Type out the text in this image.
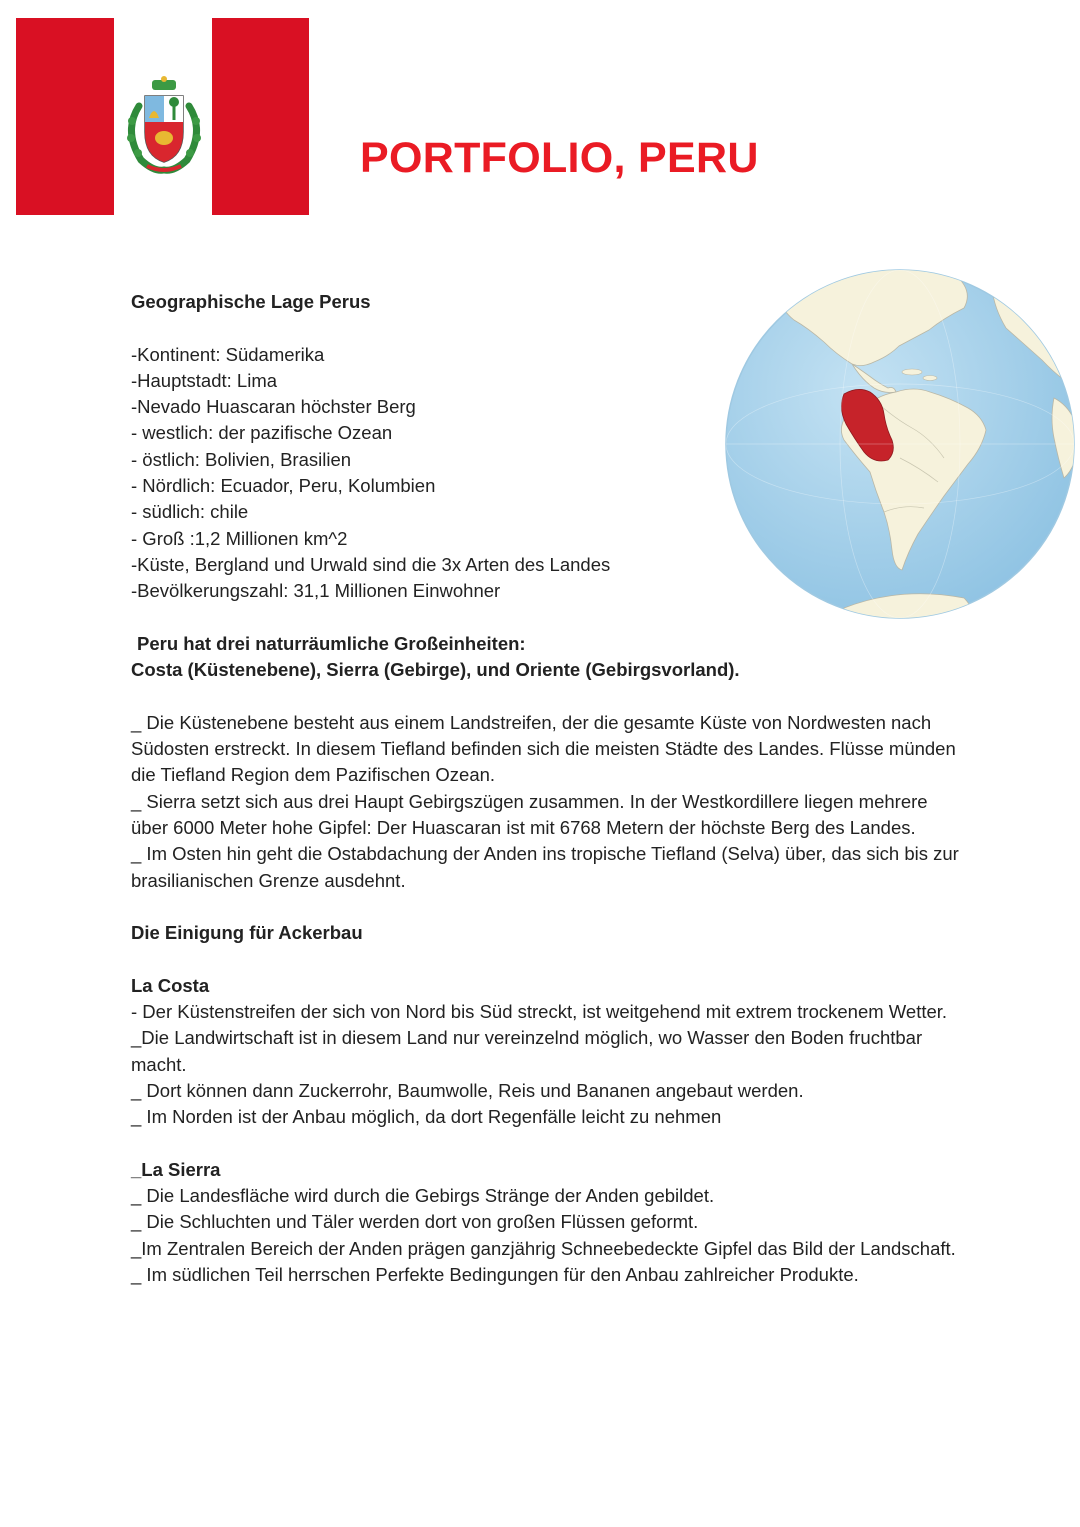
PORTFOLIO, PERU

Geographische Lage Perus

-Kontinent: Südamerika

-Hauptstadt: Lima

-Nevado Huascaran höchster Berg

- westlich: der pazifische Ozean

- östlich: Bolivien, Brasilien

- Nördlich: Ecuador, Peru, Kolumbien

- südlich: chile

- Groß :1,2 Millionen km^2

-Küste, Bergland und Urwald sind die 3x Arten des Landes

-Bevölkerungszahl: 31,1 Millionen Einwohner

Peru hat drei naturräumliche Großeinheiten:

Costa (Küstenebene), Sierra (Gebirge), und Oriente (Gebirgsvorland).

_ Die Küstenebene besteht aus einem Landstreifen, der die gesamte Küste von Nordwesten nach Südosten erstreckt. In diesem Tiefland befinden sich die meisten Städte des Landes. Flüsse münden die Tiefland Region dem Pazifischen Ozean.

_ Sierra setzt sich aus drei Haupt Gebirgszügen zusammen. In der Westkordillere liegen mehrere über 6000 Meter hohe Gipfel: Der Huascaran ist mit 6768 Metern der höchste Berg des Landes.

_ Im Osten hin geht die Ostabdachung der Anden ins tropische Tiefland (Selva) über, das sich bis zur brasilianischen Grenze ausdehnt.

Die Einigung für Ackerbau

La Costa

- Der Küstenstreifen der sich von Nord bis Süd streckt, ist weitgehend mit extrem trockenem Wetter.

_Die Landwirtschaft ist in diesem Land nur vereinzelnd möglich, wo Wasser den Boden fruchtbar macht.

_ Dort können dann Zuckerrohr, Baumwolle, Reis und Bananen angebaut werden.

_ Im Norden ist der Anbau möglich, da dort Regenfälle leicht zu nehmen

_La Sierra

_ Die Landesfläche wird durch die Gebirgs Stränge der Anden gebildet.

_ Die Schluchten und Täler werden dort von großen Flüssen geformt.

_Im Zentralen Bereich der Anden prägen ganzjährig Schneebedeckte Gipfel das Bild der Landschaft.

_ Im südlichen Teil herrschen Perfekte Bedingungen für den Anbau zahlreicher Produkte.
